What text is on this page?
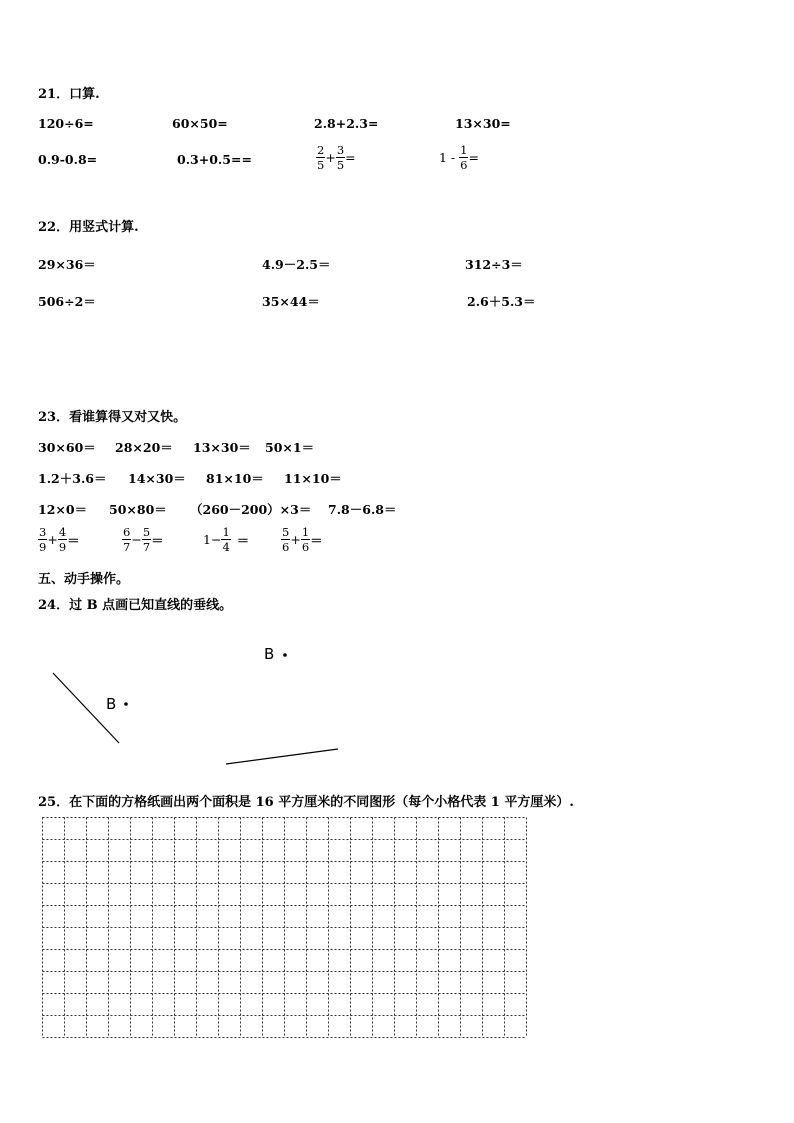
21．口算.
120÷6=	60×50=	2.8+2.3=	13×30=
0.9-0.8=	0.3+0.5==	$\frac{2}{5} + \frac{3}{5}$ =	$1 - \frac{1}{6}$ =
22．用竖式计算.
29×36＝	4.9－2.5＝	312÷3＝
506÷2＝	35×44＝	2.6＋5.3＝
23．看谁算得又对又快。
30×60＝ 28×20＝ 13×30＝ 50×1＝
1.2＋3.6＝ 14×30＝ 81×10＝ 11×10＝
12×0＝ 50×80＝ （260－200）×3＝ 7.8－6.8＝
$\frac{3}{9} + \frac{4}{9}$ ＝	$\frac{6}{7} - \frac{5}{7}$ ＝	$1- \frac{1}{4}$ ＝	$\frac{5}{6} + \frac{1}{6}$ ＝
五、动手操作。
24．过 B 点画已知直线的垂线。
B
B
25．在下面的方格纸画出两个面积是 16 平方厘米的不同图形（每个小格代表 1 平方厘米）.
